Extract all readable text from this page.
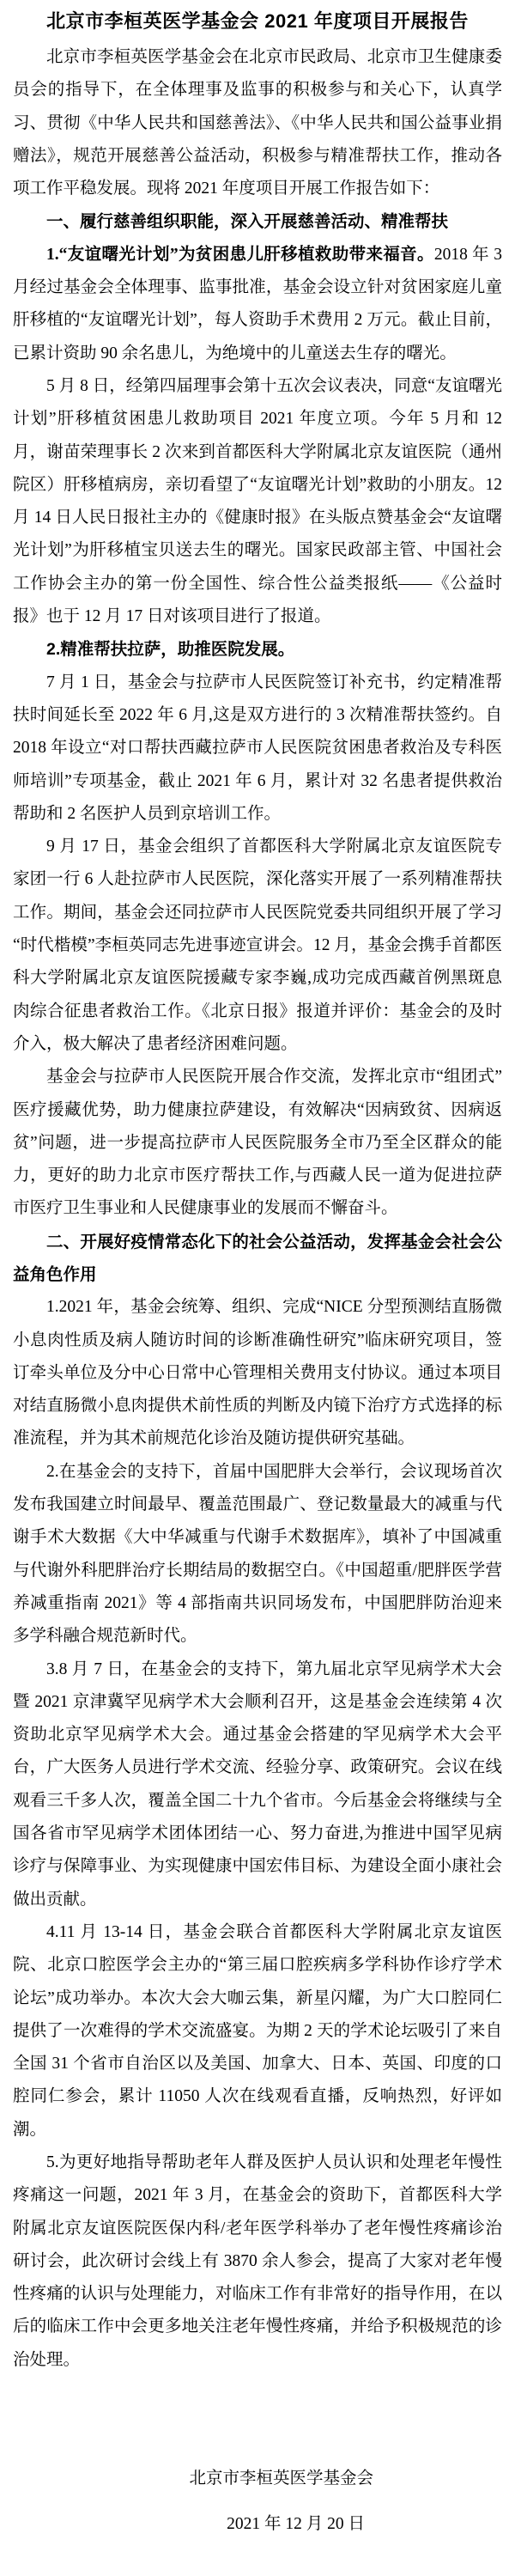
北京市李桓英医学基金会 2021 年度项目开展报告

北京市李桓英医学基金会在北京市民政局、北京市卫生健康委员会的指导下，在全体理事及监事的积极参与和关心下，认真学习、贯彻《中华人民共和国慈善法》、《中华人民共和国公益事业捐赠法》，规范开展慈善公益活动，积极参与精准帮扶工作，推动各项工作平稳发展。现将 2021 年度项目开展工作报告如下：

一、履行慈善组织职能，深入开展慈善活动、精准帮扶

1.“友谊曙光计划”为贫困患儿肝移植救助带来福音。2018 年 3 月经过基金会全体理事、监事批准，基金会设立针对贫困家庭儿童肝移植的“友谊曙光计划”，每人资助手术费用 2 万元。截止目前，已累计资助 90 余名患儿，为绝境中的儿童送去生存的曙光。

5 月 8 日，经第四届理事会第十五次会议表决，同意“友谊曙光计划”肝移植贫困患儿救助项目 2021 年度立项。今年 5 月和 12 月，谢苗荣理事长 2 次来到首都医科大学附属北京友谊医院（通州院区）肝移植病房，亲切看望了“友谊曙光计划”救助的小朋友。12 月 14 日人民日报社主办的《健康时报》在头版点赞基金会“友谊曙光计划”为肝移植宝贝送去生的曙光。国家民政部主管、中国社会工作协会主办的第一份全国性、综合性公益类报纸——《公益时报》也于 12 月 17 日对该项目进行了报道。

2.精准帮扶拉萨，助推医院发展。

7 月 1 日，基金会与拉萨市人民医院签订补充书，约定精准帮扶时间延长至 2022 年 6 月,这是双方进行的 3 次精准帮扶签约。自 2018 年设立“对口帮扶西藏拉萨市人民医院贫困患者救治及专科医师培训”专项基金，截止 2021 年 6 月，累计对 32 名患者提供救治帮助和 2 名医护人员到京培训工作。

9 月 17 日，基金会组织了首都医科大学附属北京友谊医院专家团一行 6 人赴拉萨市人民医院，深化落实开展了一系列精准帮扶工作。期间，基金会还同拉萨市人民医院党委共同组织开展了学习“时代楷模”李桓英同志先进事迹宣讲会。12 月，基金会携手首都医科大学附属北京友谊医院援藏专家李巍,成功完成西藏首例黑斑息肉综合征患者救治工作。《北京日报》报道并评价：基金会的及时介入，极大解决了患者经济困难问题。

基金会与拉萨市人民医院开展合作交流，发挥北京市“组团式”医疗援藏优势，助力健康拉萨建设，有效解决“因病致贫、因病返贫”问题，进一步提高拉萨市人民医院服务全市乃至全区群众的能力，更好的助力北京市医疗帮扶工作,与西藏人民一道为促进拉萨市医疗卫生事业和人民健康事业的发展而不懈奋斗。

二、开展好疫情常态化下的社会公益活动，发挥基金会社会公益角色作用

1.2021 年，基金会统筹、组织、完成“NICE 分型预测结直肠微小息肉性质及病人随访时间的诊断准确性研究”临床研究项目，签订牵头单位及分中心日常中心管理相关费用支付协议。通过本项目对结直肠微小息肉提供术前性质的判断及内镜下治疗方式选择的标准流程，并为其术前规范化诊治及随访提供研究基础。

2.在基金会的支持下，首届中国肥胖大会举行，会议现场首次发布我国建立时间最早、覆盖范围最广、登记数量最大的减重与代谢手术大数据《大中华减重与代谢手术数据库》，填补了中国减重与代谢外科肥胖治疗长期结局的数据空白。《中国超重/肥胖医学营养减重指南 2021》等 4 部指南共识同场发布，中国肥胖防治迎来多学科融合规范新时代。

3.8 月 7 日，在基金会的支持下，第九届北京罕见病学术大会暨 2021 京津冀罕见病学术大会顺利召开，这是基金会连续第 4 次资助北京罕见病学术大会。通过基金会搭建的罕见病学术大会平台，广大医务人员进行学术交流、经验分享、政策研究。会议在线观看三千多人次，覆盖全国二十九个省市。今后基金会将继续与全国各省市罕见病学术团体团结一心、努力奋进,为推进中国罕见病诊疗与保障事业、为实现健康中国宏伟目标、为建设全面小康社会做出贡献。

4.11 月 13-14 日，基金会联合首都医科大学附属北京友谊医院、北京口腔医学会主办的“第三届口腔疾病多学科协作诊疗学术论坛”成功举办。本次大会大咖云集，新星闪耀，为广大口腔同仁提供了一次难得的学术交流盛宴。为期 2 天的学术论坛吸引了来自全国 31 个省市自治区以及美国、加拿大、日本、英国、印度的口腔同仁参会，累计 11050 人次在线观看直播，反响热烈，好评如潮。

5.为更好地指导帮助老年人群及医护人员认识和处理老年慢性疼痛这一问题，2021 年 3 月，在基金会的资助下，首都医科大学附属北京友谊医院医保内科/老年医学科举办了老年慢性疼痛诊治研讨会，此次研讨会线上有 3870 余人参会，提高了大家对老年慢性疼痛的认识与处理能力，对临床工作有非常好的指导作用，在以后的临床工作中会更多地关注老年慢性疼痛，并给予积极规范的诊治处理。

北京市李桓英医学基金会

2021 年 12 月 20 日
